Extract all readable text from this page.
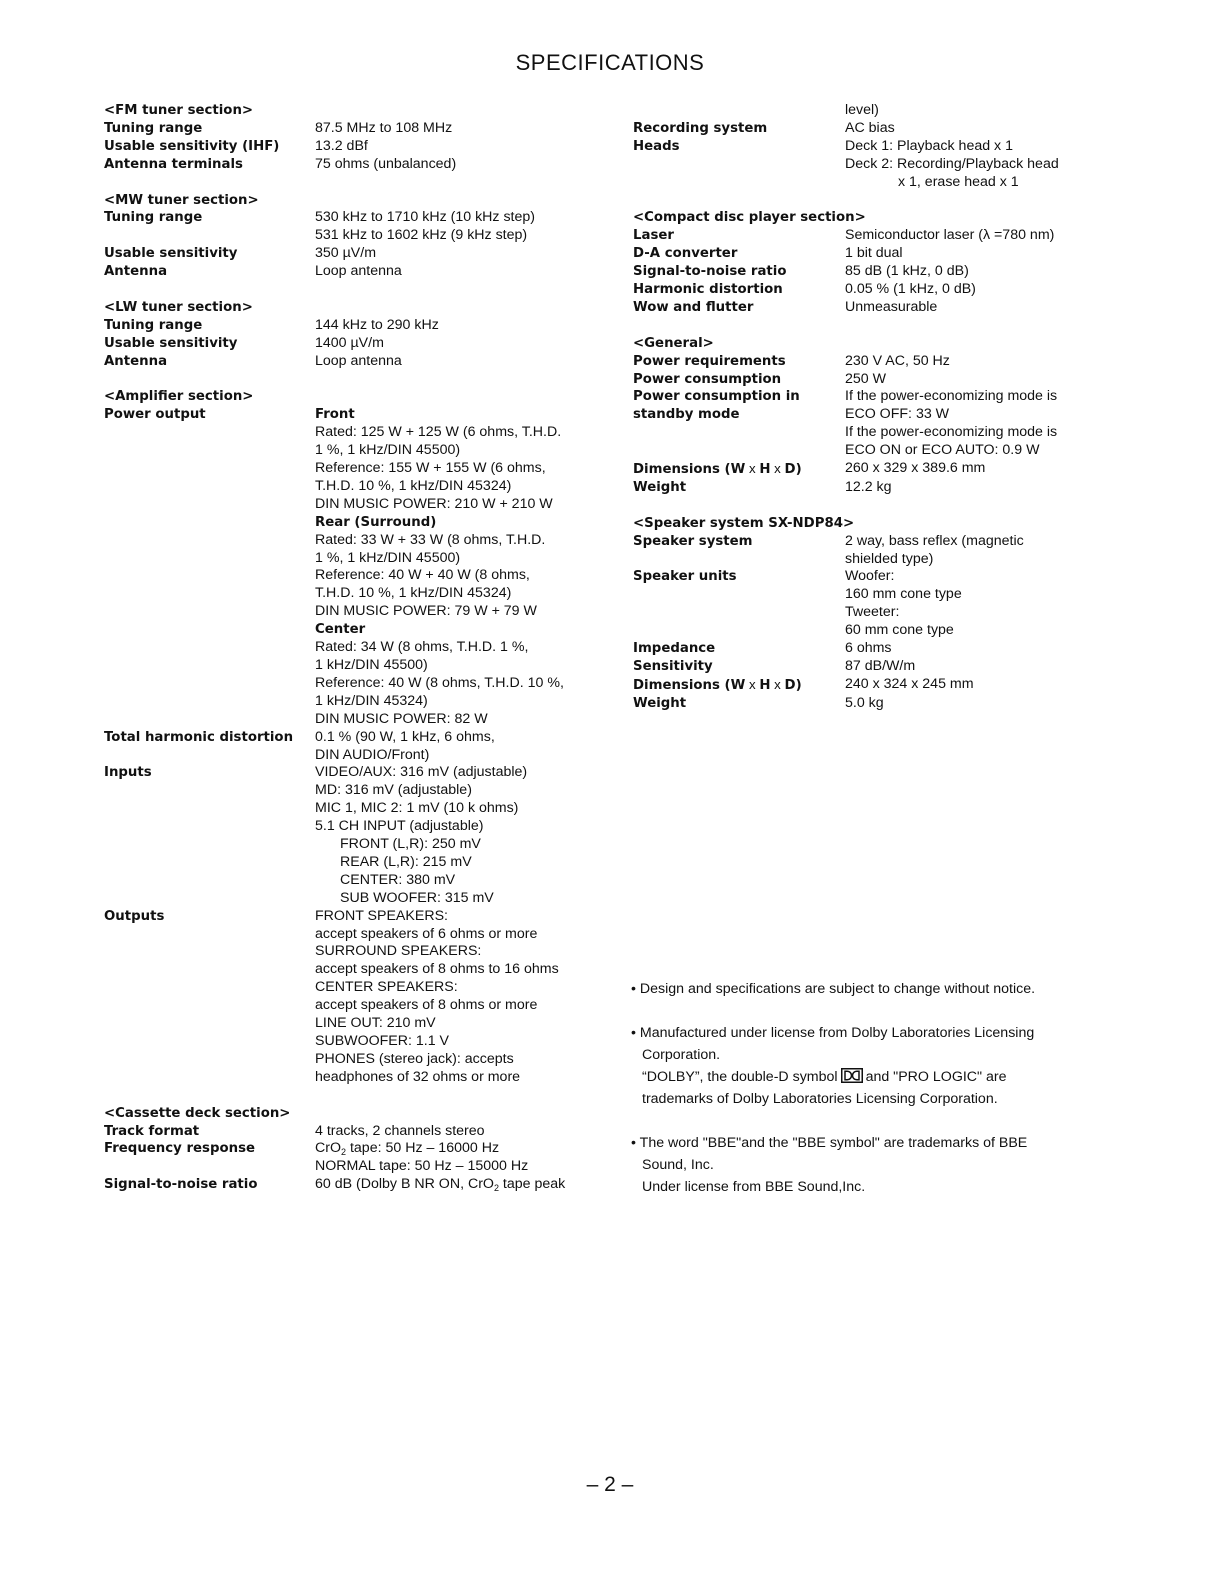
SPECIFICATIONS
<FM tuner section>
Tuning range	87.5 MHz to 108 MHz
Usable sensitivity (IHF)	13.2 dBf
Antenna terminals	75 ohms (unbalanced)
<MW tuner section>
Tuning range	530 kHz to 1710 kHz (10 kHz step)
531 kHz to 1602 kHz (9 kHz step)
Usable sensitivity	350 µV/m
Antenna	Loop antenna
<LW tuner section>
Tuning range	144 kHz to 290 kHz
Usable sensitivity	1400 µV/m
Antenna	Loop antenna
<Amplifier section>
Power output	Front
Rated: 125 W + 125 W (6 ohms, T.H.D.
1 %, 1 kHz/DIN 45500)
Reference: 155 W + 155 W (6 ohms,
T.H.D. 10 %, 1 kHz/DIN 45324)
DIN MUSIC POWER: 210 W + 210 W
Rear (Surround)
Rated: 33 W + 33 W (8 ohms, T.H.D.
1 %, 1 kHz/DIN 45500)
Reference: 40 W + 40 W (8 ohms,
T.H.D. 10 %, 1 kHz/DIN 45324)
DIN MUSIC POWER: 79 W + 79 W
Center
Rated: 34 W (8 ohms, T.H.D. 1 %,
1 kHz/DIN 45500)
Reference: 40 W (8 ohms, T.H.D. 10 %,
1 kHz/DIN 45324)
DIN MUSIC POWER: 82 W
Total harmonic distortion	0.1 % (90 W, 1 kHz, 6 ohms,
DIN AUDIO/Front)
Inputs	VIDEO/AUX: 316 mV (adjustable)
MD: 316 mV (adjustable)
MIC 1, MIC 2: 1 mV (10 k ohms)
5.1 CH INPUT (adjustable)
FRONT (L,R): 250 mV
REAR (L,R): 215 mV
CENTER: 380 mV
SUB WOOFER: 315 mV
Outputs	FRONT SPEAKERS:
accept speakers of 6 ohms or more
SURROUND SPEAKERS:
accept speakers of 8 ohms to 16 ohms
CENTER SPEAKERS:
accept speakers of 8 ohms or more
LINE OUT: 210 mV
SUBWOOFER: 1.1 V
PHONES (stereo jack): accepts
headphones of 32 ohms or more
<Cassette deck section>
Track format	4 tracks, 2 channels stereo
Frequency response	CrO$_2$ tape: 50 Hz – 16000 Hz
NORMAL tape: 50 Hz – 15000 Hz
Signal-to-noise ratio	60 dB (Dolby B NR ON, CrO$_2$ tape peak
level)
Recording system	AC bias
Heads	Deck 1: Playback head x 1
Deck 2: Recording/Playback head
x 1, erase head x 1
<Compact disc player section>
Laser	Semiconductor laser (λ =780 nm)
D-A converter	1 bit dual
Signal-to-noise ratio	85 dB (1 kHz, 0 dB)
Harmonic distortion	0.05 % (1 kHz, 0 dB)
Wow and flutter	Unmeasurable
<General>
Power requirements	230 V AC, 50 Hz
Power consumption	250 W
Power consumption in	If the power-economizing mode is
standby mode	ECO OFF: 33 W
If the power-economizing mode is
ECO ON or ECO AUTO: 0.9 W
Dimensions (W x H x D)	260 x 329 x 389.6 mm
Weight	12.2 kg
<Speaker system SX-NDP84>
Speaker system	2 way, bass reflex (magnetic
shielded type)
Speaker units	Woofer:
160 mm cone type
Tweeter:
60 mm cone type
Impedance	6 ohms
Sensitivity	87 dB/W/m
Dimensions (W x H x D)	240 x 324 x 245 mm
Weight	5.0 kg
• Design and specifications are subject to change without notice.
• Manufactured under license from Dolby Laboratories Licensing
Corporation.
“DOLBY”, the double-D symbol and "PRO LOGIC" are
trademarks of Dolby Laboratories Licensing Corporation.
• The word "BBE"and the "BBE symbol" are trademarks of BBE
Sound, Inc.
Under license from BBE Sound,Inc.
– 2 –
